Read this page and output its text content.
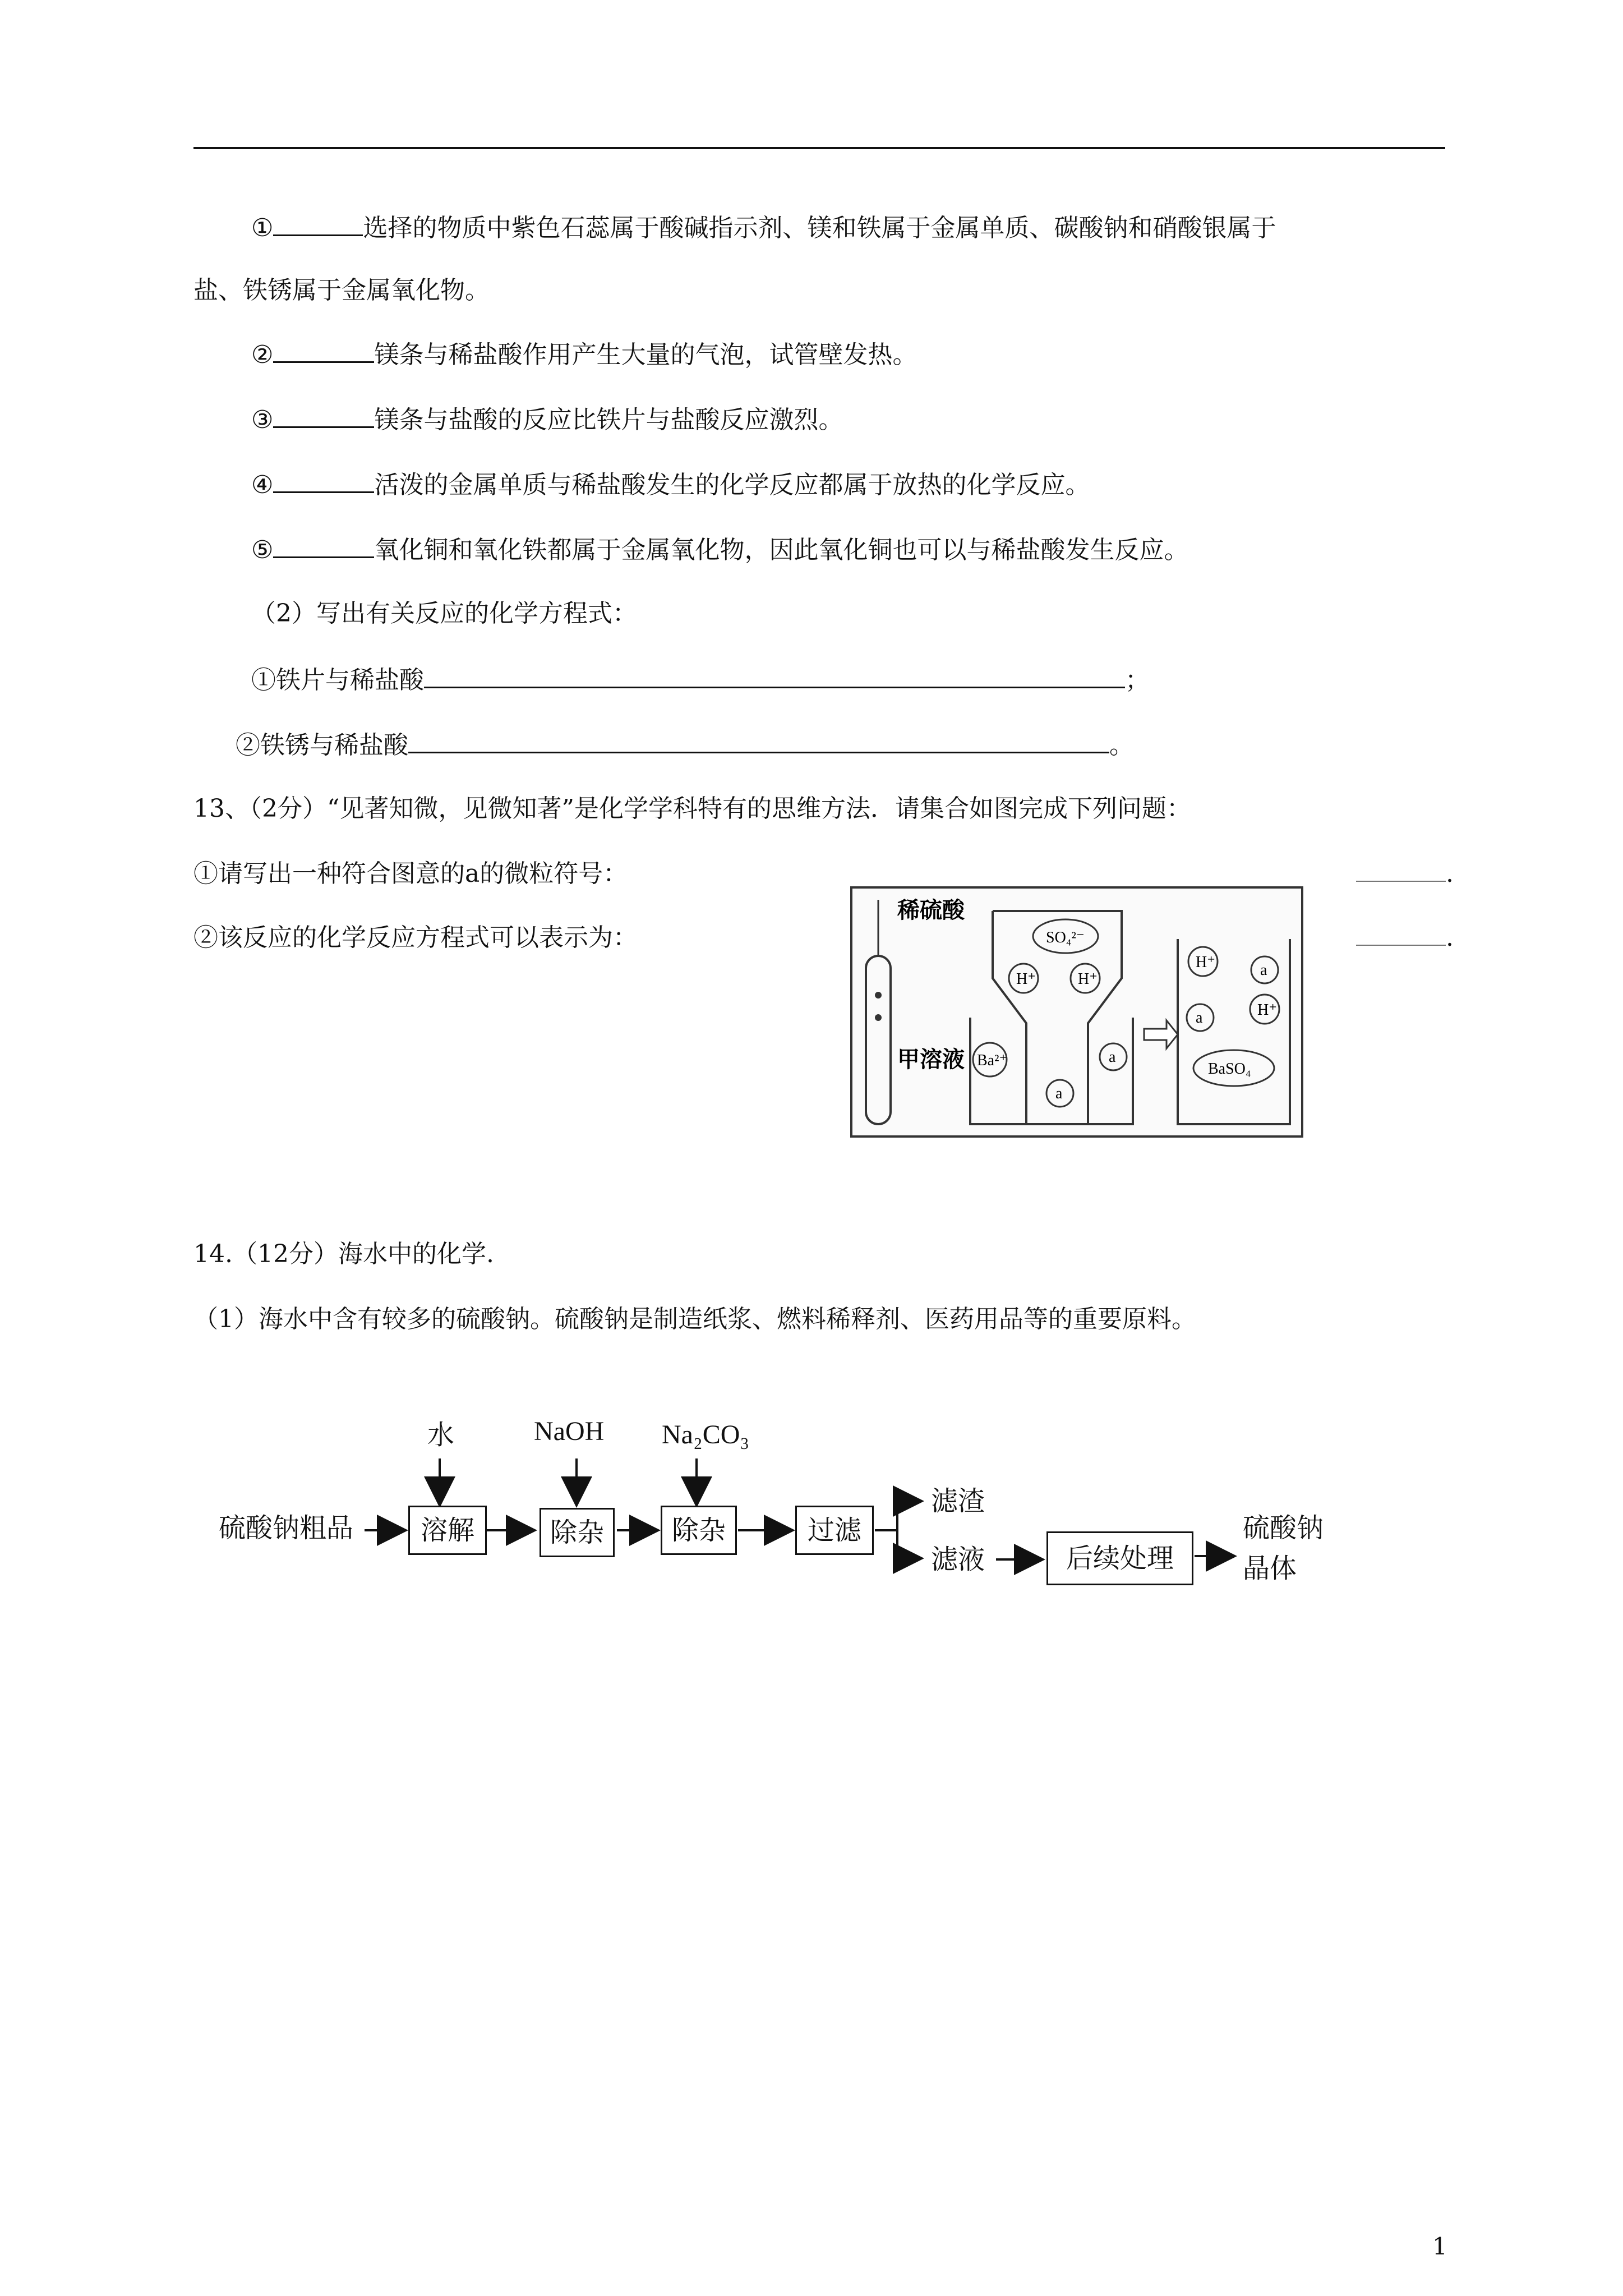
①	选择的物质中紫色石蕊属于酸碱指示剂、镁和铁属于金属单质、碳酸钠和硝酸银属于
盐、铁锈属于金属氧化物。
②	镁条与稀盐酸作用产生大量的气泡，试管壁发热。
③	镁条与盐酸的反应比铁片与盐酸反应激烈。
④	活泼的金属单质与稀盐酸发生的化学反应都属于放热的化学反应。
⑤	氧化铜和氧化铁都属于金属氧化物，因此氧化铜也可以与稀盐酸发生反应。
（2）写出有关反应的化学方程式：
①铁片与稀盐酸	；
②铁锈与稀盐酸	。
13、（2分）“见著知微，见微知著”是化学学科特有的思维方法．请集合如图完成下列问题：
①请写出一种符合图意的a的微粒符号：	.
②该反应的化学反应方程式可以表示为：	.
稀硫酸
甲溶液
SO₄²⁻
H⁺	H⁺
Ba²⁺
a
a
H⁺	a
a	H⁺
BaSO₄
14.（12分）海水中的化学.
（1）海水中含有较多的硫酸钠。硫酸钠是制造纸浆、燃料稀释剂、医药用品等的重要原料。
硫酸钠粗品
水	NaOH Na₂CO₃
溶解	除杂	除杂	过滤
滤渣
滤液	后续处理
硫酸钠
晶体
1
